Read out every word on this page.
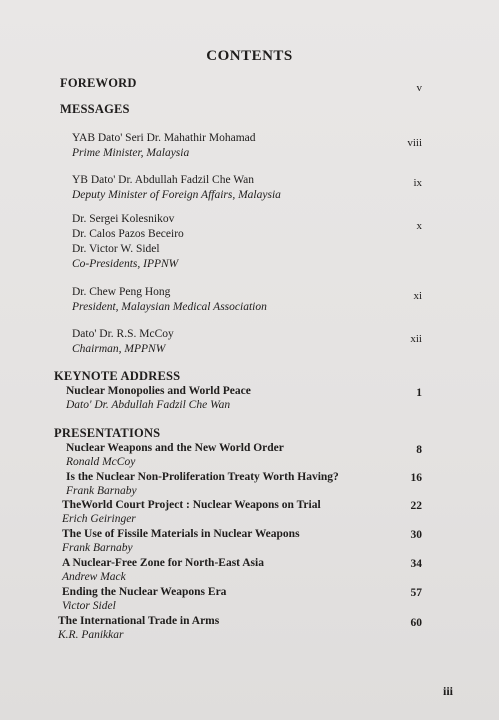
CONTENTS
FOREWORD	v
MESSAGES
YAB Dato' Seri Dr. Mahathir Mohamad
Prime Minister, Malaysia
viii
YB Dato' Dr. Abdullah Fadzil Che Wan
Deputy Minister of Foreign Affairs, Malaysia
ix
Dr. Sergei Kolesnikov
Dr. Calos Pazos Beceiro
Dr. Victor W. Sidel
Co-Presidents, IPPNW
x
Dr. Chew Peng Hong
President, Malaysian Medical Association
xi
Dato' Dr. R.S. McCoy
Chairman, MPPNW
xii
KEYNOTE ADDRESS
Nuclear Monopolies and World Peace
Dato' Dr. Abdullah Fadzil Che Wan
1
PRESENTATIONS
Nuclear Weapons and the New World Order
Ronald McCoy
8
Is the Nuclear Non-Proliferation Treaty Worth Having?
Frank Barnaby
16
TheWorld Court Project : Nuclear Weapons on Trial
Erich Geiringer
22
The Use of Fissile Materials in Nuclear Weapons
Frank Barnaby
30
A Nuclear-Free Zone for North-East Asia
Andrew Mack
34
Ending the Nuclear Weapons Era
Victor Sidel
57
The International Trade in Arms
K.R. Panikkar
60
iii
